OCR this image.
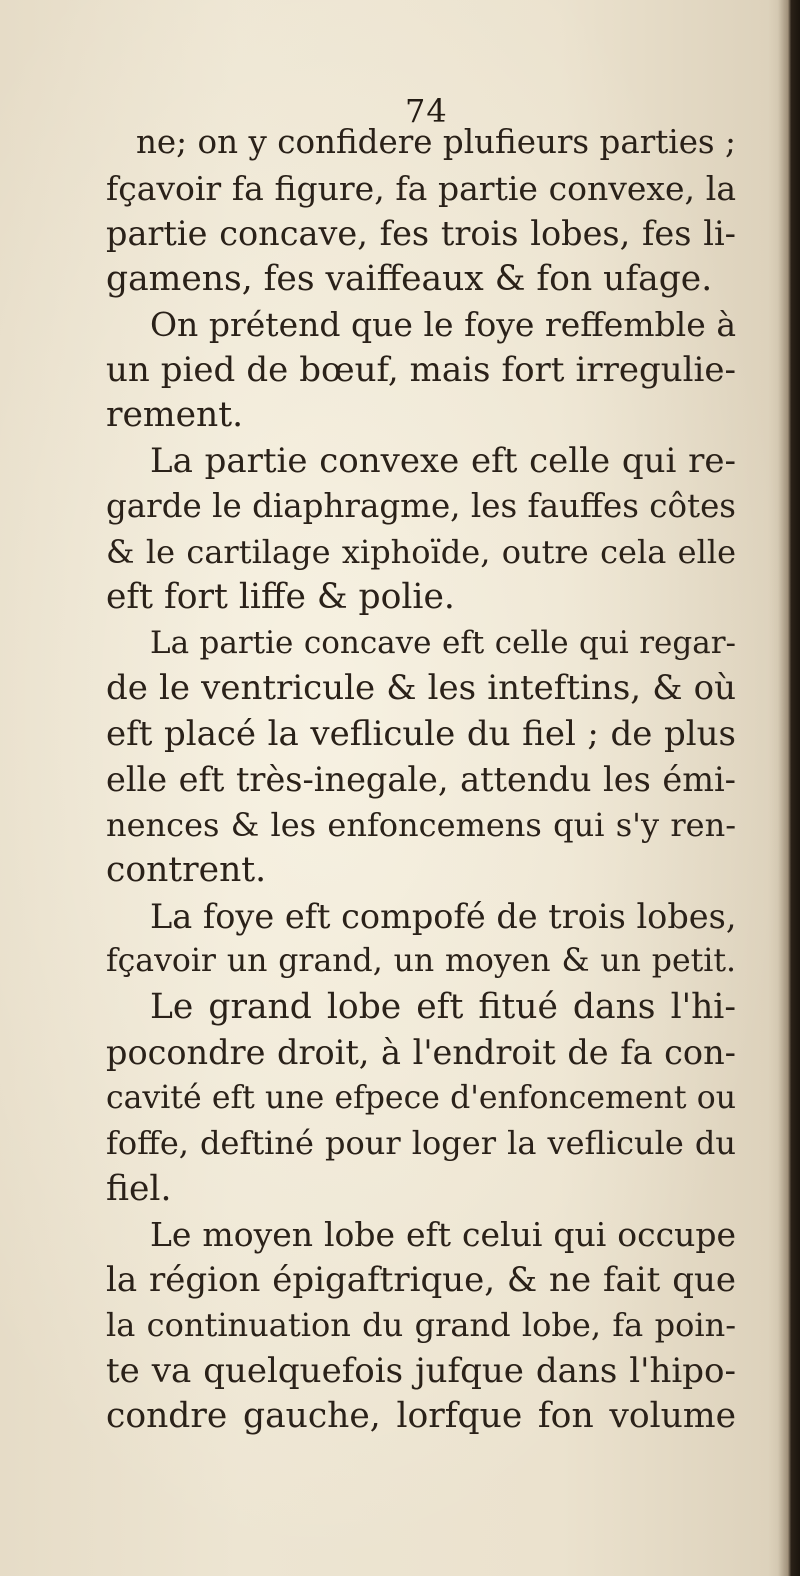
74
ne; on y confidere plufieurs parties ;
fçavoir fa figure, fa partie convexe, la
partie concave, fes trois lobes, fes li-
gamens, fes vaiffeaux & fon ufage.
On prétend que le foye reffemble à
un pied de bœuf, mais fort irregulie-
rement.
La partie convexe eft celle qui re-
garde le diaphragme, les fauffes côtes
& le cartilage xiphoïde, outre cela elle
eft fort liffe & polie.
La partie concave eft celle qui regar-
de le ventricule & les inteftins, & où
eft placé la veflicule du fiel ; de plus
elle eft très-inegale, attendu les émi-
nences & les enfoncemens qui s'y ren-
contrent.
La foye eft compofé de trois lobes,
fçavoir un grand, un moyen & un petit.
Le grand lobe eft fitué dans l'hi-
pocondre droit, à l'endroit de fa con-
cavité eft une efpece d'enfoncement ou
foffe, deftiné pour loger la veflicule du
fiel.
Le moyen lobe eft celui qui occupe
la région épigaftrique, & ne fait que
la continuation du grand lobe, fa poin-
te va quelquefois jufque dans l'hipo-
condre gauche, lorfque fon volume
